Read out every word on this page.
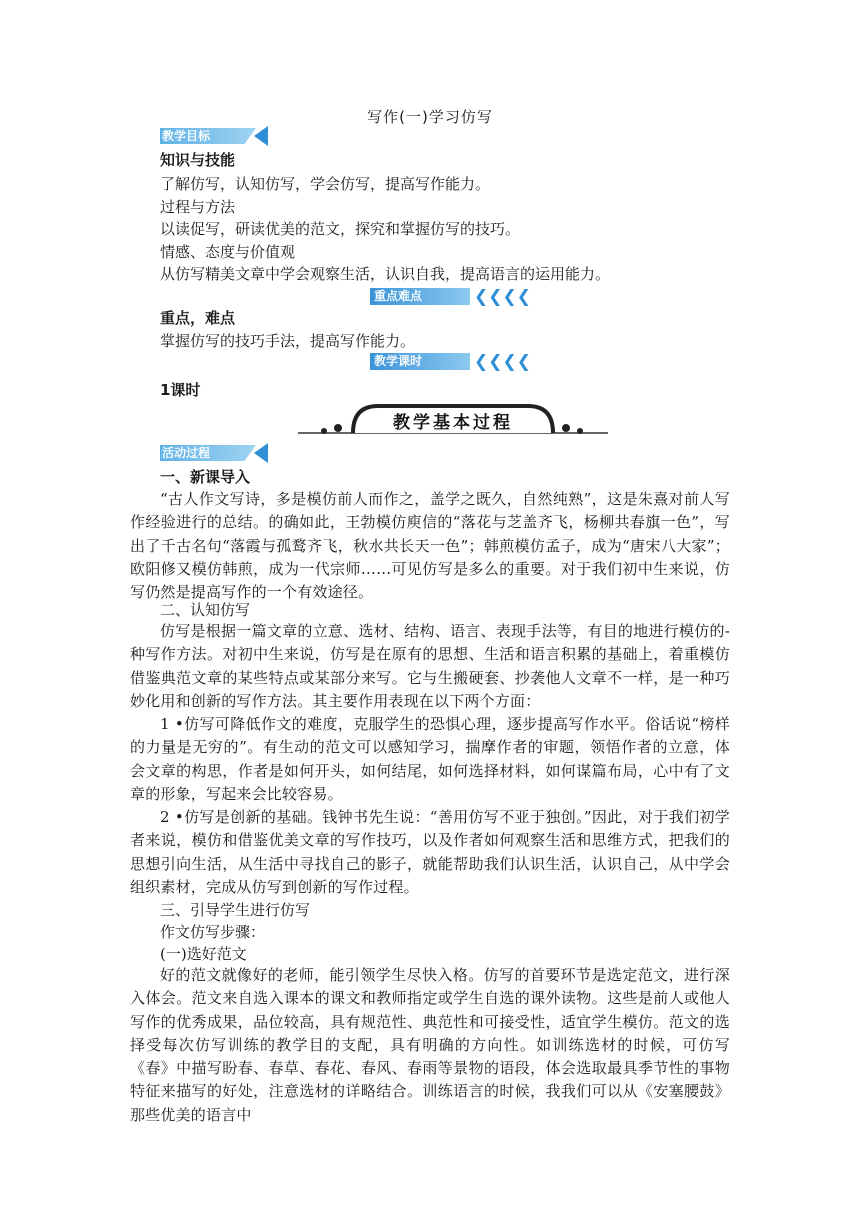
写作(一)学习仿写
教学目标
知识与技能
了解仿写，认知仿写，学会仿写，提高写作能力。
过程与方法
以读促写，研读优美的范文，探究和掌握仿写的技巧。
情感、态度与价值观
从仿写精美文章中学会观察生活，认识自我，提高语言的运用能力。
重点难点	❮❮❮❮
重点，难点
掌握仿写的技巧手法，提高写作能力。
教学课时	❮❮❮❮
1课时
教学基本过程
活动过程
一、新课导入

“古人作文写诗，多是模仿前人而作之，盖学之既久，自然纯熟”，这是朱熹对前人写作经验进行的总结。的确如此，王勃模仿庾信的“落花与芝盖齐飞，杨柳共春旗一色”，写出了千古名句“落霞与孤鹜齐飞，秋水共长天一色”；韩煎模仿孟子，成为“唐宋八大家”；欧阳修又模仿韩煎，成为一代宗师……可见仿写是多么的重要。对于我们初中生来说，仿写仍然是提高写作的一个有效途径。

二、认知仿写

仿写是根据一篇文章的立意、选材、结构、语言、表现手法等，有目的地进行模仿的-种写作方法。对初中生来说，仿写是在原有的思想、生活和语言积累的基础上，着重模仿借鉴典范文章的某些特点或某部分来写。它与生搬硬套、抄袭他人文章不一样，是一种巧妙化用和创新的写作方法。其主要作用表现在以下两个方面：

1 •仿写可降低作文的难度，克服学生的恐惧心理，逐步提高写作水平。俗话说“榜样的力量是无穷的”。有生动的范文可以感知学习，揣摩作者的审题，领悟作者的立意，体会文章的构思，作者是如何开头，如何结尾，如何选择材料，如何谋篇布局，心中有了文章的形象，写起来会比较容易。

2 •仿写是创新的基础。钱钟书先生说：“善用仿写不亚于独创。”因此，对于我们初学者来说，模仿和借鉴优美文章的写作技巧，以及作者如何观察生活和思维方式，把我们的思想引向生活，从生活中寻找自己的影子，就能帮助我们认识生活，认识自己，从中学会组织素材，完成从仿写到创新的写作过程。

三、引导学生进行仿写
作文仿写步骤：
(一)选好范文

好的范文就像好的老师，能引领学生尽快入格。仿写的首要环节是选定范文，进行深入体会。范文来自选入课本的课文和教师指定或学生自选的课外读物。这些是前人或他人写作的优秀成果，品位较高，具有规范性、典范性和可接受性，适宜学生模仿。范文的选择受每次仿写训练的教学目的支配，具有明确的方向性。如训练选材的时候，可仿写《春》中描写盼春、春草、春花、春风、春雨等景物的语段，体会选取最具季节性的事物特征来描写的好处，注意选材的详略结合。训练语言的时候，我我们可以从《安塞腰鼓》那些优美的语言中
